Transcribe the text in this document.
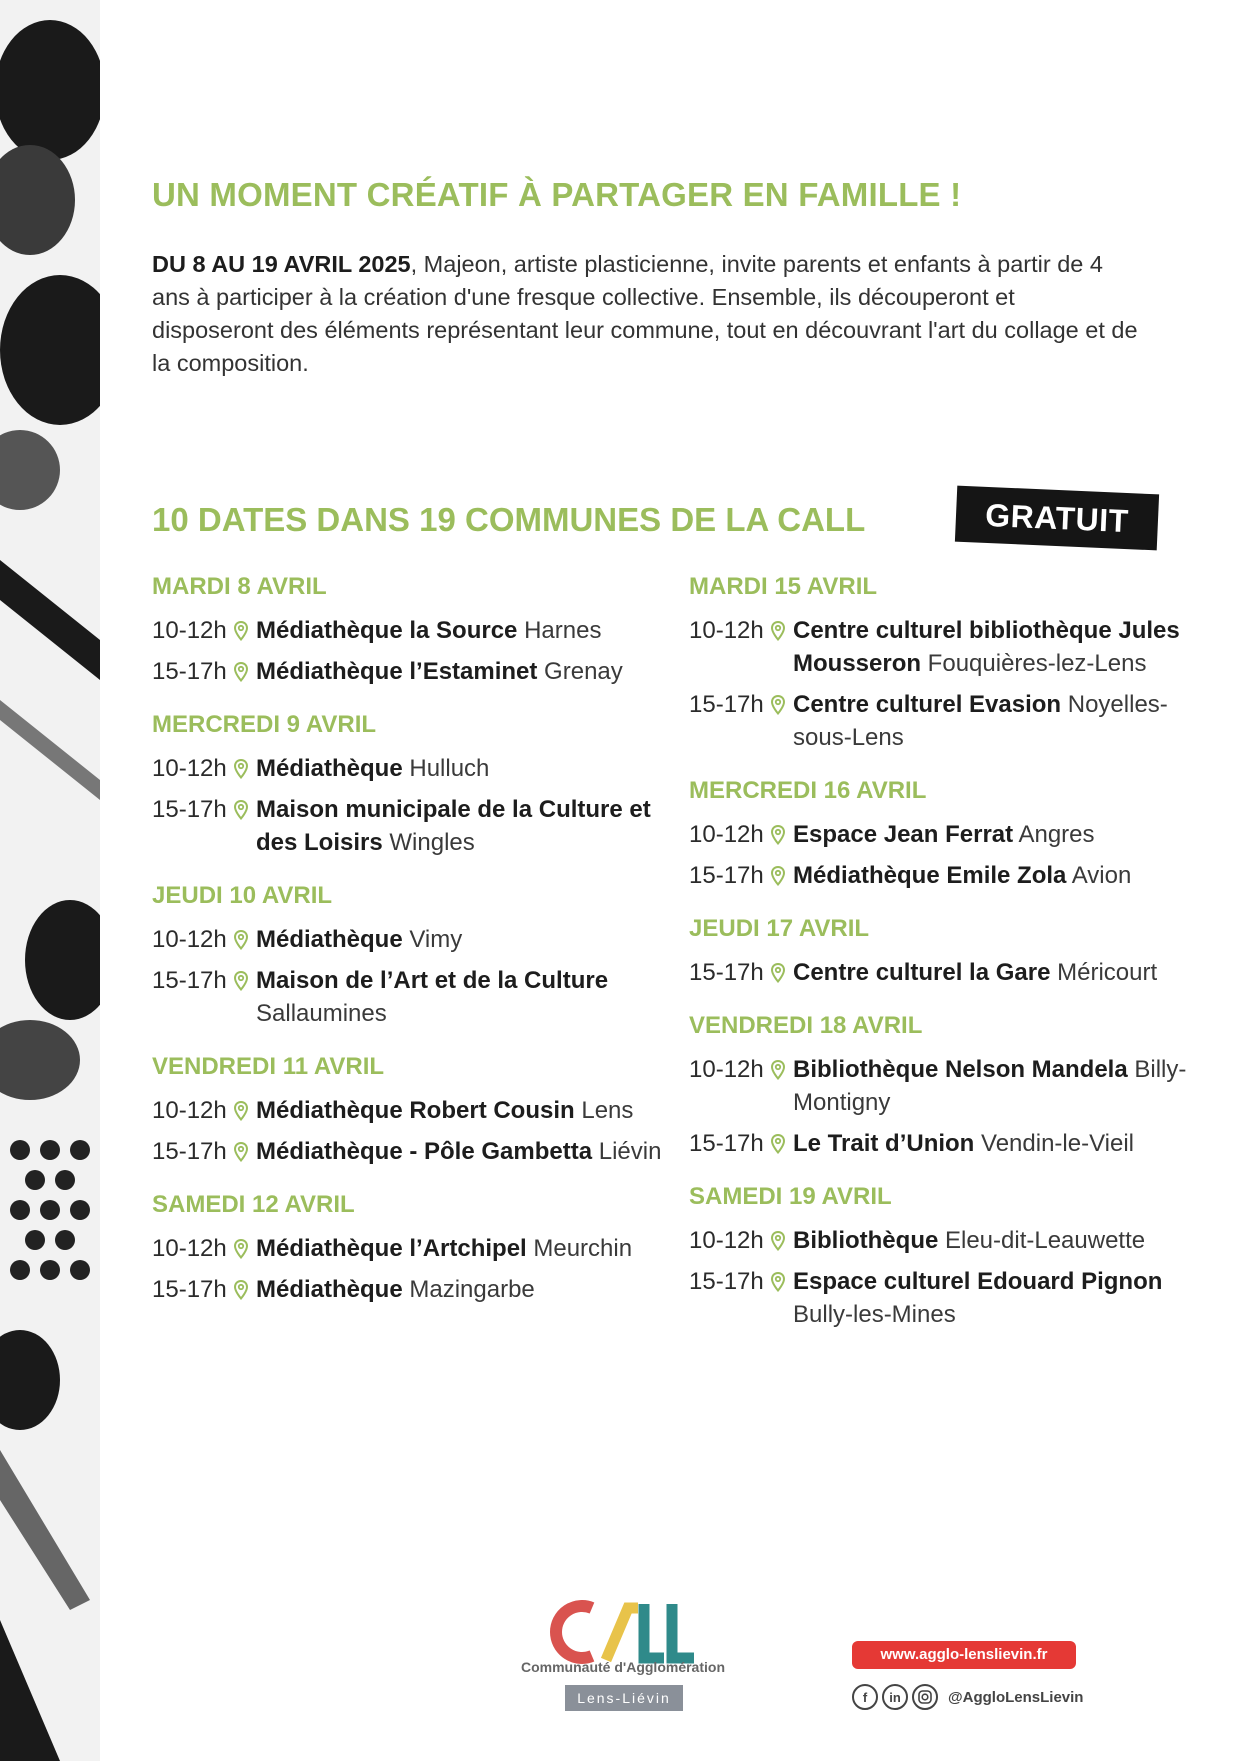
UN MOMENT CRÉATIF À PARTAGER EN FAMILLE !

DU 8 AU 19 AVRIL 2025, Majeon, artiste plasticienne, invite parents et enfants à partir de 4 ans à participer à la création d'une fresque collective. Ensemble, ils découperont et disposeront des éléments représentant leur commune, tout en découvrant l'art du collage et de la composition.

10 DATES DANS 19 COMMUNES DE LA CALL	GRATUIT
MARDI 8 AVRIL
10-12h	Médiathèque la Source Harnes
15-17h	Médiathèque l’Estaminet Grenay
MERCREDI 9 AVRIL
10-12h	Médiathèque Hulluch
15-17h	Maison municipale de la Culture et des Loisirs Wingles
JEUDI 10 AVRIL
10-12h	Médiathèque Vimy
15-17h	Maison de l’Art et de la Culture Sallaumines
VENDREDI 11 AVRIL
10-12h	Médiathèque Robert Cousin Lens
15-17h	Médiathèque - Pôle Gambetta Liévin
SAMEDI 12 AVRIL
10-12h	Médiathèque l’Artchipel Meurchin
15-17h	Médiathèque Mazingarbe
MARDI 15 AVRIL
10-12h	Centre culturel bibliothèque Jules Mousseron Fouquières-lez-Lens
15-17h	Centre culturel Evasion Noyelles-sous-Lens
MERCREDI 16 AVRIL
10-12h	Espace Jean Ferrat Angres
15-17h	Médiathèque Emile Zola Avion
JEUDI 17 AVRIL
15-17h	Centre culturel la Gare Méricourt
VENDREDI 18 AVRIL
10-12h	Bibliothèque Nelson Mandela Billy-Montigny
15-17h	Le Trait d’Union Vendin-le-Vieil
SAMEDI 19 AVRIL
10-12h	Bibliothèque Eleu-dit-Leauwette
15-17h	Espace culturel Edouard Pignon Bully-les-Mines
Communauté d'Agglomération
Lens-Liévin
www.agglo-lenslievin.fr
f	in	@AggloLensLievin
